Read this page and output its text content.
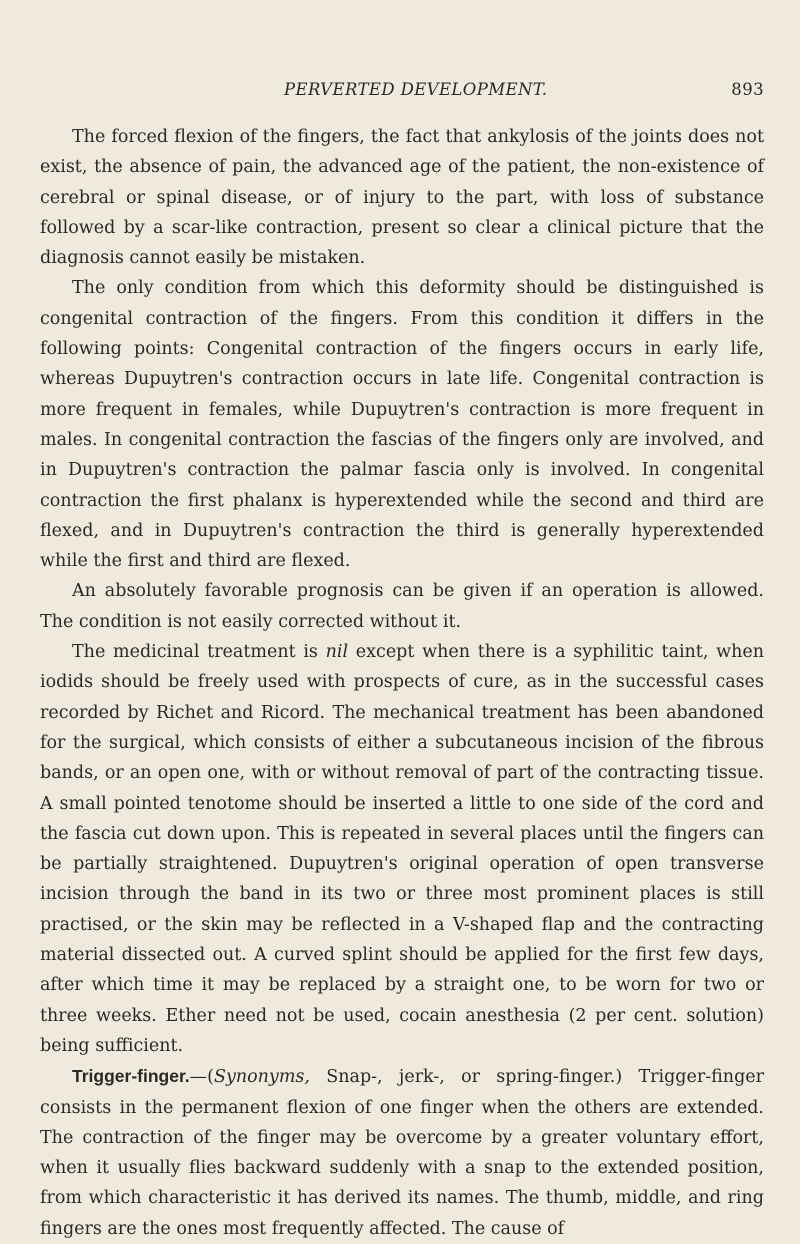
PERVERTED DEVELOPMENT.	893

The forced flexion of the fingers, the fact that ankylosis of the joints does not exist, the absence of pain, the advanced age of the patient, the non-existence of cerebral or spinal disease, or of injury to the part, with loss of substance followed by a scar-like contraction, present so clear a clinical picture that the diagnosis cannot easily be mistaken.

The only condition from which this deformity should be distinguished is congenital contraction of the fingers. From this condition it differs in the following points: Congenital contraction of the fingers occurs in early life, whereas Dupuytren's contraction occurs in late life. Congenital contraction is more frequent in females, while Dupuytren's contraction is more frequent in males. In congenital contraction the fascias of the fingers only are involved, and in Dupuytren's contraction the palmar fascia only is involved. In congenital contraction the first phalanx is hyperextended while the second and third are flexed, and in Dupuytren's contraction the third is generally hyperextended while the first and third are flexed.

An absolutely favorable prognosis can be given if an operation is allowed. The condition is not easily corrected without it.

The medicinal treatment is nil except when there is a syphilitic taint, when iodids should be freely used with prospects of cure, as in the successful cases recorded by Richet and Ricord. The mechanical treatment has been abandoned for the surgical, which consists of either a subcutaneous incision of the fibrous bands, or an open one, with or without removal of part of the contracting tissue. A small pointed tenotome should be inserted a little to one side of the cord and the fascia cut down upon. This is repeated in several places until the fingers can be partially straightened. Dupuytren's original operation of open transverse incision through the band in its two or three most prominent places is still practised, or the skin may be reflected in a V-shaped flap and the contracting material dissected out. A curved splint should be applied for the first few days, after which time it may be replaced by a straight one, to be worn for two or three weeks. Ether need not be used, cocain anesthesia (2 per cent. solution) being sufficient.

Trigger-finger.—(Synonyms, Snap-, jerk-, or spring-finger.) Trigger-finger consists in the permanent flexion of one finger when the others are extended. The contraction of the finger may be overcome by a greater voluntary effort, when it usually flies backward suddenly with a snap to the extended position, from which characteristic it has derived its names. The thumb, middle, and ring fingers are the ones most frequently affected. The cause of
